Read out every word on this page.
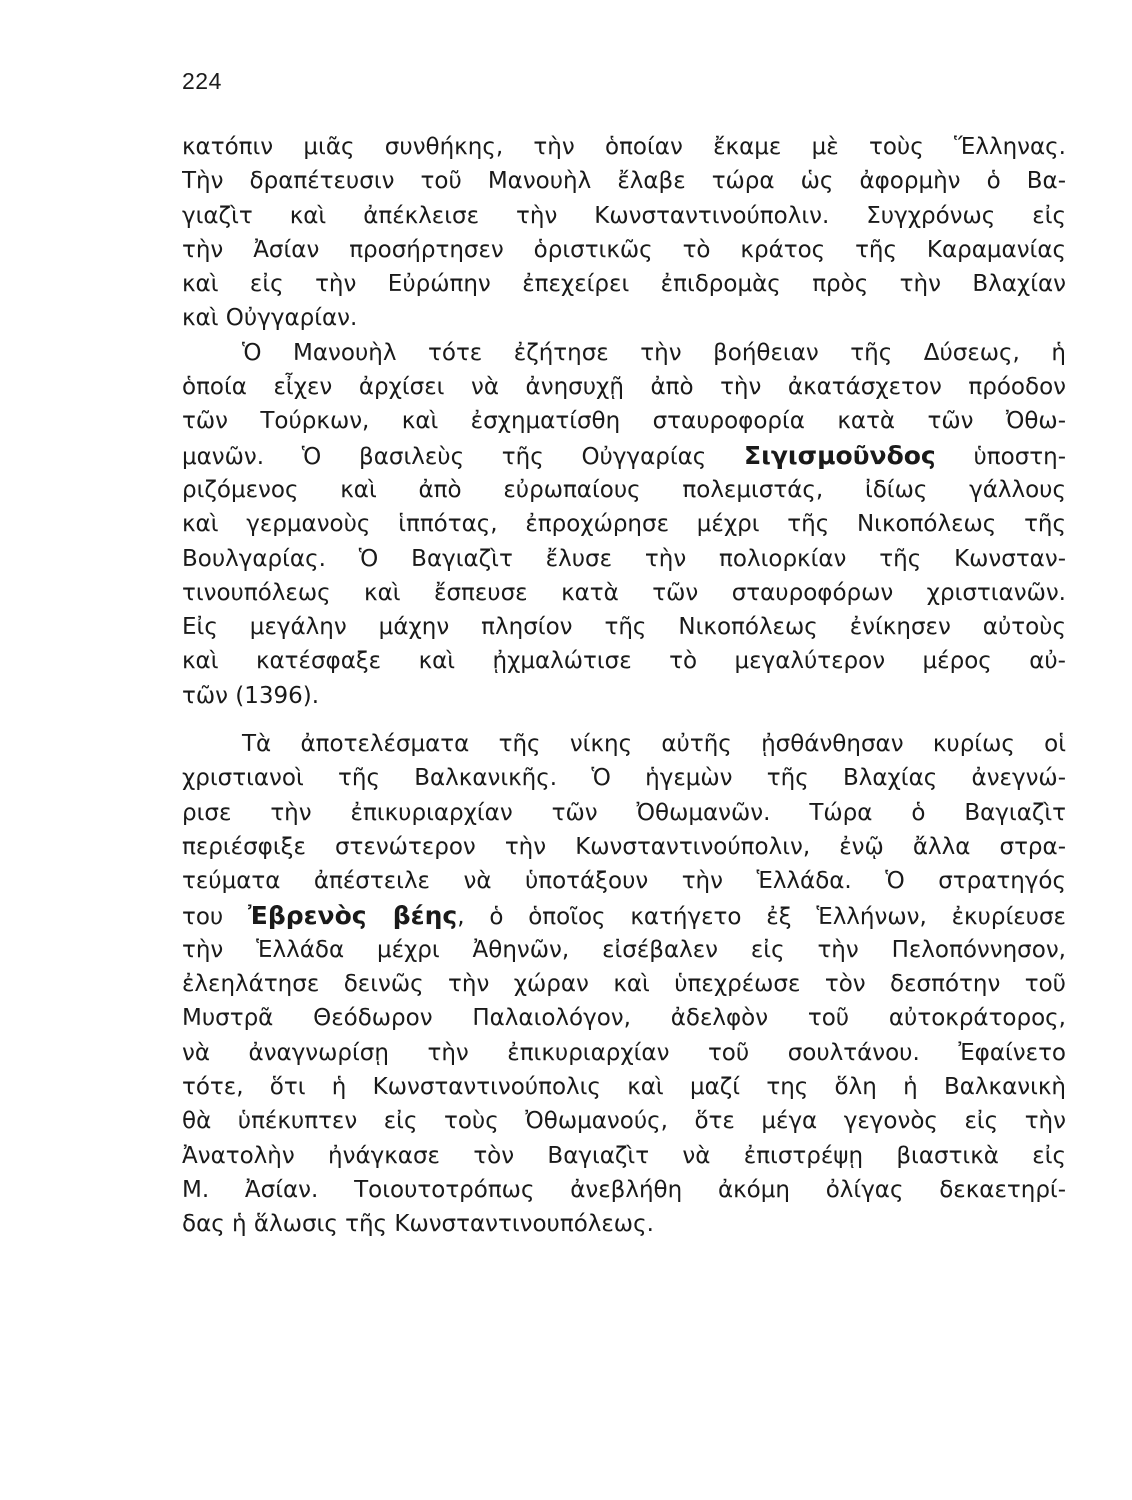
224
κατόπιν μιᾶς συνθήκης, τὴν ὁποίαν ἔκαμε μὲ τοὺς Ἕλληνας.
Τὴν δραπέτευσιν τοῦ Μανουὴλ ἔλαβε τώρα ὡς ἀφορμὴν ὁ Βα-
γιαζὶτ καὶ ἀπέκλεισε τὴν Κωνσταντινούπολιν. Συγχρόνως εἰς
τὴν Ἀσίαν προσήρτησεν ὁριστικῶς τὸ κράτος τῆς Καραμανίας
καὶ εἰς τὴν Εὐρώπην ἐπεχείρει ἐπιδρομὰς πρὸς τὴν Βλαχίαν
καὶ Οὐγγαρίαν.
Ὁ Μανουὴλ τότε ἐζήτησε τὴν βοήθειαν τῆς Δύσεως, ἡ
ὁποία εἶχεν ἀρχίσει νὰ ἀνησυχῇ ἀπὸ τὴν ἀκατάσχετον πρόοδον
τῶν Τούρκων, καὶ ἐσχηματίσθη σταυροφορία κατὰ τῶν Ὀθω-
μανῶν. Ὁ βασιλεὺς τῆς Οὐγγαρίας Σιγισμοῦνδος ὑποστη-
ριζόμενος καὶ ἀπὸ εὐρωπαίους πολεμιστάς, ἰδίως γάλλους
καὶ γερμανοὺς ἱππότας, ἐπροχώρησε μέχρι τῆς Νικοπόλεως τῆς
Βουλγαρίας. Ὁ Βαγιαζὶτ ἔλυσε τὴν πολιορκίαν τῆς Κωνσταν-
τινουπόλεως καὶ ἔσπευσε κατὰ τῶν σταυροφόρων χριστιανῶν.
Εἰς μεγάλην μάχην πλησίον τῆς Νικοπόλεως ἐνίκησεν αὐτοὺς
καὶ κατέσφαξε καὶ ᾐχμαλώτισε τὸ μεγαλύτερον μέρος αὐ-
τῶν (1396).
Τὰ ἀποτελέσματα τῆς νίκης αὐτῆς ᾐσθάνθησαν κυρίως οἱ
χριστιανοὶ τῆς Βαλκανικῆς. Ὁ ἡγεμὼν τῆς Βλαχίας ἀνεγνώ-
ρισε τὴν ἐπικυριαρχίαν τῶν Ὀθωμανῶν. Τώρα ὁ Βαγιαζὶτ
περιέσφιξε στενώτερον τὴν Κωνσταντινούπολιν, ἐνῷ ἄλλα στρα-
τεύματα ἀπέστειλε νὰ ὑποτάξουν τὴν Ἑλλάδα. Ὁ στρατηγός
του Ἐβρενὸς βέης, ὁ ὁποῖος κατήγετο ἐξ Ἑλλήνων, ἐκυρίευσε
τὴν Ἑλλάδα μέχρι Ἀθηνῶν, εἰσέβαλεν εἰς τὴν Πελοπόννησον,
ἐλεηλάτησε δεινῶς τὴν χώραν καὶ ὑπεχρέωσε τὸν δεσπότην τοῦ
Μυστρᾶ Θεόδωρον Παλαιολόγον, ἀδελφὸν τοῦ αὐτοκράτορος,
νὰ ἀναγνωρίσῃ τὴν ἐπικυριαρχίαν τοῦ σουλτάνου. Ἐφαίνετο
τότε, ὅτι ἡ Κωνσταντινούπολις καὶ μαζί της ὅλη ἡ Βαλκανικὴ
θὰ ὑπέκυπτεν εἰς τοὺς Ὀθωμανούς, ὅτε μέγα γεγονὸς εἰς τὴν
Ἀνατολὴν ἠνάγκασε τὸν Βαγιαζὶτ νὰ ἐπιστρέψῃ βιαστικὰ εἰς
Μ. Ἀσίαν. Τοιουτοτρόπως ἀνεβλήθη ἀκόμη ὀλίγας δεκαετηρί-
δας ἡ ἅλωσις τῆς Κωνσταντινουπόλεως.
